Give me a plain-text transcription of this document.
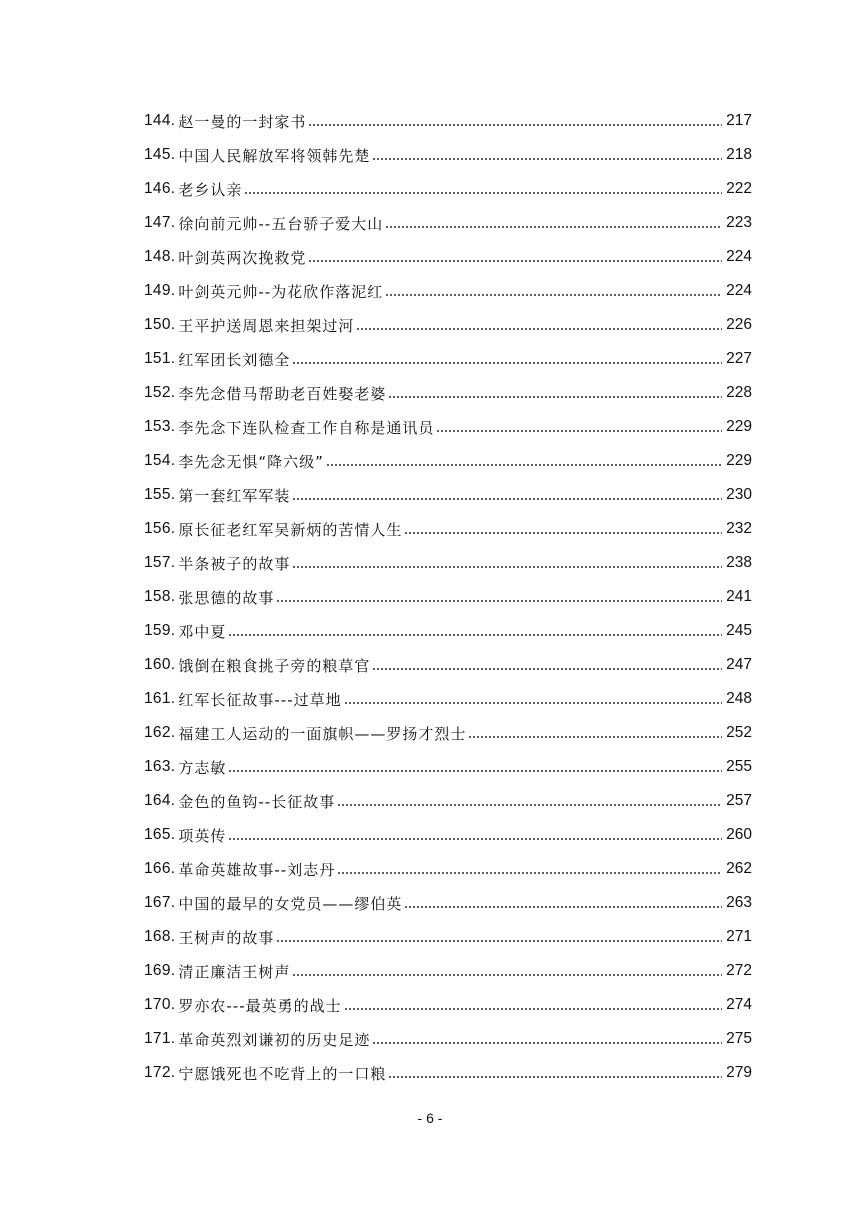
144. 赵一曼的一封家书	217
145. 中国人民解放军将领韩先楚	218
146. 老乡认亲	222
147. 徐向前元帅--五台骄子爱大山	223
148. 叶剑英两次挽救党	224
149. 叶剑英元帅--为花欣作落泥红	224
150. 王平护送周恩来担架过河	226
151. 红军团长刘德全	227
152. 李先念借马帮助老百姓娶老婆	228
153. 李先念下连队检查工作自称是通讯员	229
154. 李先念无惧“降六级”	229
155. 第一套红军军装	230
156. 原长征老红军吴新炳的苦情人生	232
157. 半条被子的故事	238
158. 张思德的故事	241
159. 邓中夏	245
160. 饿倒在粮食挑子旁的粮草官	247
161. 红军长征故事---过草地	248
162. 福建工人运动的一面旗帜——罗扬才烈士	252
163. 方志敏	255
164. 金色的鱼钩--长征故事	257
165. 项英传	260
166. 革命英雄故事--刘志丹	262
167. 中国的最早的女党员——缪伯英	263
168. 王树声的故事	271
169. 清正廉洁王树声	272
170. 罗亦农---最英勇的战士	274
171. 革命英烈刘谦初的历史足迹	275
172. 宁愿饿死也不吃背上的一口粮	279
- 6 -
